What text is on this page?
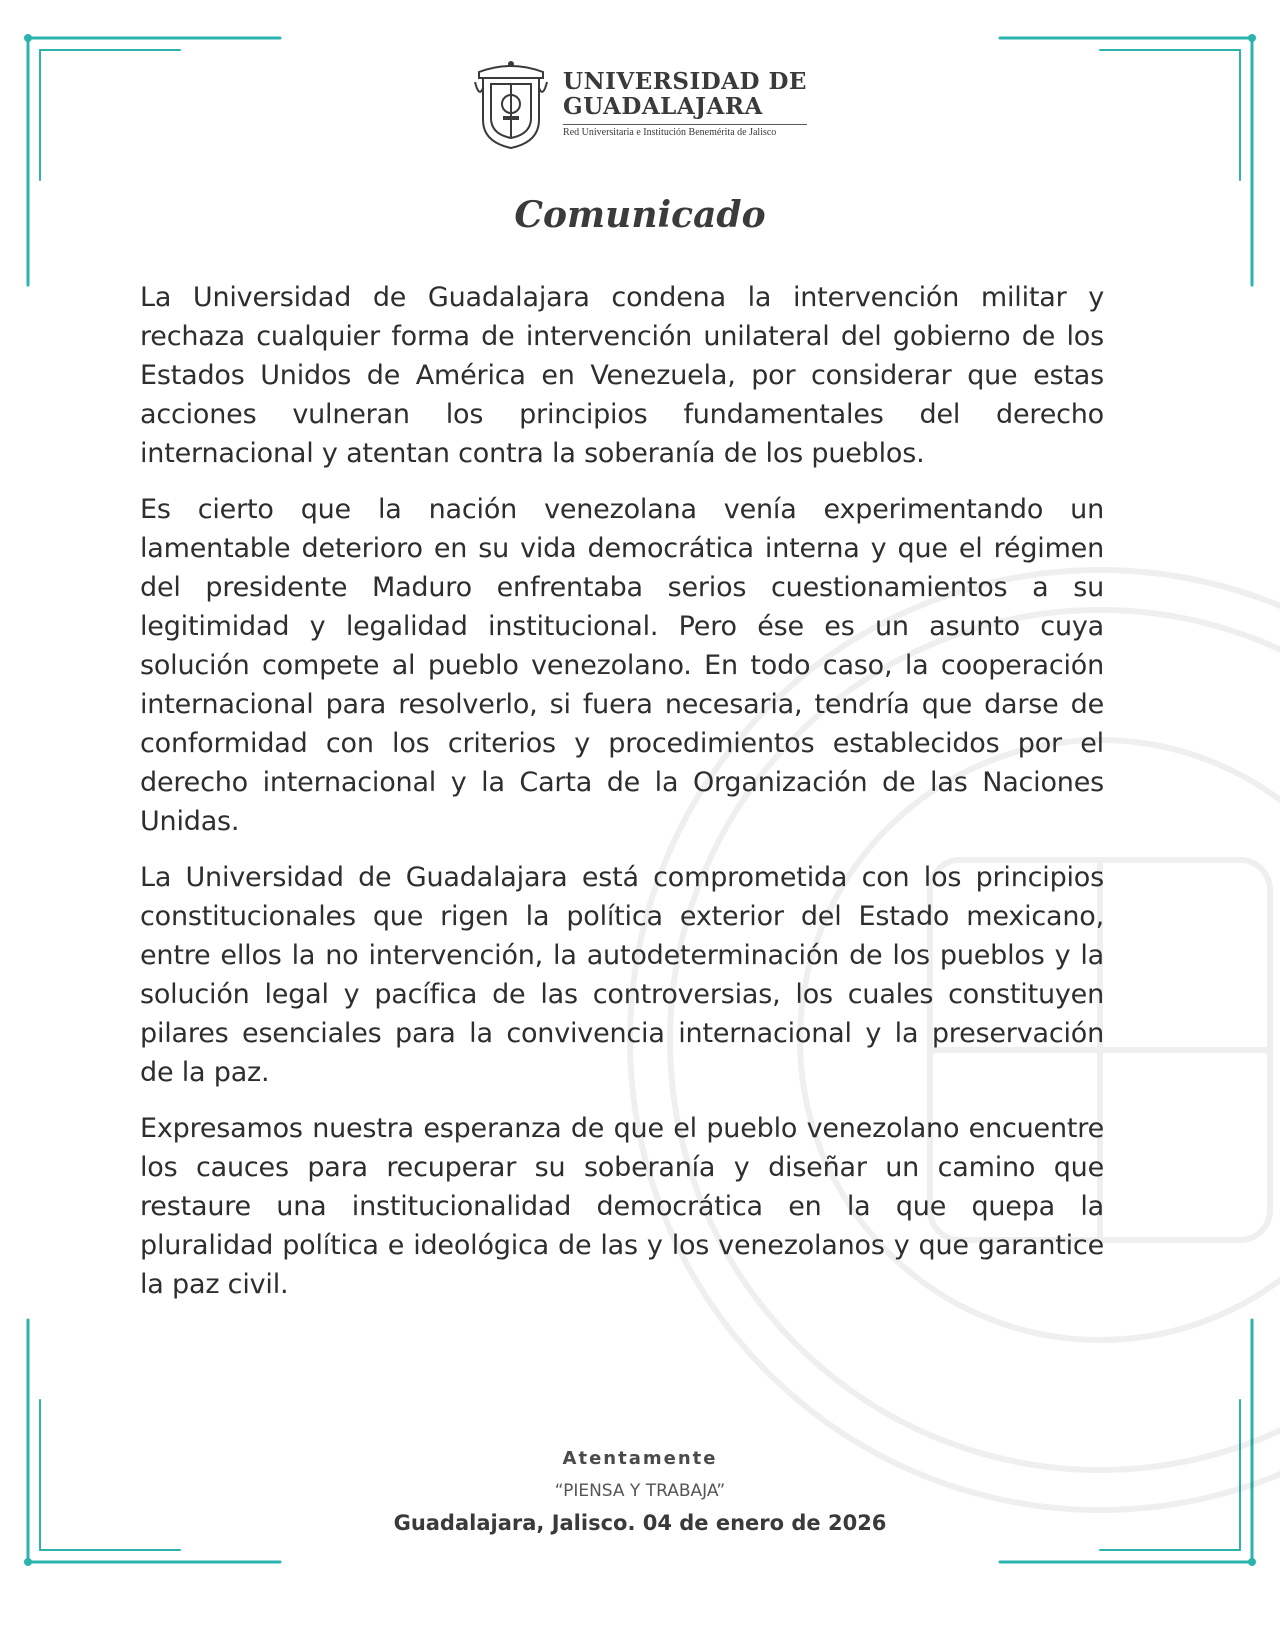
UNIVERSIDAD DE
GUADALAJARA
Red Universitaria e Institución Benemérita de Jalisco
Comunicado

La Universidad de Guadalajara condena la intervención militar y rechaza cualquier forma de intervención unilateral del gobierno de los Estados Unidos de América en Venezuela, por considerar que estas acciones vulneran los principios fundamentales del derecho internacional y atentan contra la soberanía de los pueblos.

Es cierto que la nación venezolana venía experimentando un lamentable deterioro en su vida democrática interna y que el régimen del presidente Maduro enfrentaba serios cuestionamientos a su legitimidad y legalidad institucional. Pero ése es un asunto cuya solución compete al pueblo venezolano. En todo caso, la cooperación internacional para resolverlo, si fuera necesaria, tendría que darse de conformidad con los criterios y procedimientos establecidos por el derecho internacional y la Carta de la Organización de las Naciones Unidas.

La Universidad de Guadalajara está comprometida con los principios constitucionales que rigen la política exterior del Estado mexicano, entre ellos la no intervención, la autodeterminación de los pueblos y la solución legal y pacífica de las controversias, los cuales constituyen pilares esenciales para la convivencia internacional y la preservación de la paz.

Expresamos nuestra esperanza de que el pueblo venezolano encuentre los cauces para recuperar su soberanía y diseñar un camino que restaure una institucionalidad democrática en la que quepa la pluralidad política e ideológica de las y los venezolanos y que garantice la paz civil.

Atentamente
“PIENSA Y TRABAJA”
Guadalajara, Jalisco. 04 de enero de 2026
